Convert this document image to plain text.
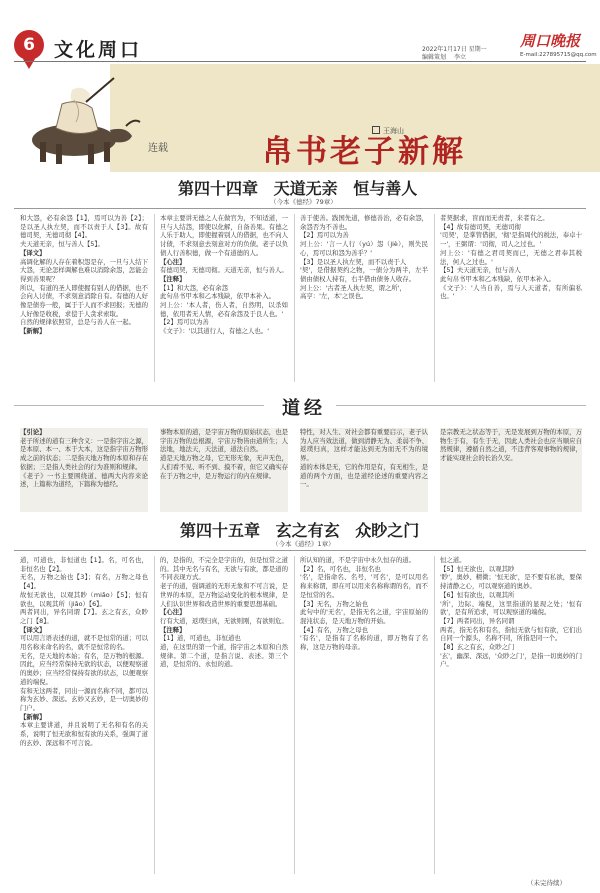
6	文化周口	2022年1月17日 星期一
编辑策划 李立
周口晚报
E-mail:227895715@qq.com
连载	帛书老子新解
王海山
第四十四章 天道无亲 恒与善人
（今本《德经》79章）

和大怨，必有余怨【1】，焉可以为善【2】；是以圣人执左契，而不以责于人【3】。故有德司契，无德司彻【4】。

夫天道无亲，恒与善人【5】。

【译文】

高调化解的人存在着积怨是存，一旦与人结下大怨，无论怎样调解也难以消除余怨，怎能会得到善果呢？

所以，有道的圣人即使握有别人的借据，也不会向人讨债，不求刻意消除自有。有德的人好像是债券一般，属于于人而不求回报；无德的人好像是收税，求偿于人贪求索取。

自然的规律依照常，总是与善人在一起。

【新解】

本章主要讲无德之人在做官为，不知适道，一旦与人结怨，即使以化解，自备善果。有德之人乐于助人，即使握着别人的借据，也不向人讨债，不求刻意去刻意对方的负债。老子以负债人行善积德，做一个有道德的人。

【心注】

有德司契，无德司彻。天道无亲，恒与善人。

【注释】

【1】和大怨，必有余怨

此句帛书甲本和乙本残缺，依甲本补入。

河上公：'本人者，伤人者，自然明，以杀如德，依用者无人情，必有余怨及于良人也。'

【2】焉可以为善

《文子》：'以其道行人，有德之人也。'

善于使善。践国先道，修德善治，必有余怨，余怨否为不善也。

【2】焉可以为善

河上公：'言一人行（yú）怨（jiè），则失民心，焉可以和怨为善乎？'

【3】是以圣人执左契，而不以责于人

'契'，是借据契约之物，一债分为两半，左半债由债权人持有，右半借由债务人收存。

河上公：'古者圣人执左契，谓之所'，

高亨：'左，本'之误也。

者契据求，盲而而无责者，来者有之。

【4】故有德司契，无德司彻

'司契'，是掌管借据，'彻'是指周代的税法，奉卓十一'，王弼谓：'司彻，司人之过也。'

河上公：'有德之君司契而已，无德之君奉其税法，何人之过也。'

【5】夫天道无亲，恒与善人

此句帛书甲本和乙本残缺，依甲本补入。

《文子》：'人当自善，焉与人天道者，有所偏私也。'

道经

【引论】

老子所述的道有三种含义：一是指宇宙之源，是本原、本一、本于大本，这是指宇宙万物形成之前的状态；二是指天地万物的本原和存在依据；三是指人类社会的行为准则和规律。

《老子》一书主要围绕道、德两大内容来论述，上篇称为道经，下篇称为德经。

事物本原的道，是宇宙万物的原始状态，也是宇宙万物的总根源，宇宙万物皆由道所生；人法地，地法天，天法道，道法自然。

道是天地万物之母，它无形无象，无声无色，人们看不见、听不到、摸不着，但它又确实存在于万物之中，是万物运行的内在规律。

特性，对人生、对社会都有重要启示，老子认为人应当效法道，做到清静无为、柔弱不争、返璞归真，这样才能达到无为而无不为的境界。

道的本体是无，它的作用是有，有无相生，是道的两个方面，也是道经论述的重要内容之一。

是宗教无之状态等于，无是发展到万物的本原，万物生于有，有生于无，因此人类社会也应当顺应自然规律，遵循自然之道，不违背客观事物的规律，才能实现社会的长治久安。

第四十五章 玄之有玄 众眇之门
（今本《道经》1章）

道，可道也，非恒道也【1】。名，可名也，非恒名也【2】。

无名，万物之始也【3】；有名，万物之母也【4】。

故恒无欲也，以观其眇（miǎo）【5】；恒有欲也，以观其所（jiǎo）【6】。

两者同出，异名同谓【7】。玄之有玄，众眇之门【8】。

【译文】

可以用言语表述的道，就不是恒常的道；可以用名称来命名的名，就不是恒常的名。

无名，是天地的本始；有名，是万物的根源。

因此，应当经常保持无欲的状态，以便观察道的奥妙；应当经常保持有欲的状态，以便观察道的端倪。

有和无这两者，同出一源而名称不同，都可以称为玄妙、深远。玄妙又玄妙，是一切奥妙的门户。

【新解】

本章主要讲道，并且说明了无名和有名的关系，说明了恒无欲和恒有欲的关系，强调了道的玄妙、深远和不可言说。

的，是指的，不完全是宇宙的，但是恒常之道的。其中无名与有名，无欲与有欲，都是道的不同表现方式。

老子的道，强调道的无形无象和不可言说，是世界的本原，是万物运动变化的根本规律，是人们认识世界和改造世界的重要思想基础。

【心注】

行有大道，返璞归真，无欲则刚，有欲则危。

【注释】

【1】道，可道也，非恒道也

道，在这里的第一个道，指宇宙之本原和自然规律。第二个道，是指言说、表述。第三个道，是恒常的、永恒的道。

所认知的道，不是宇宙中永久恒存的道。

【2】名，可名也，非恒名也

'名'，是指命名、名号，'可名'，是可以用名称来称谓，即在可以用来名称称谓的名，而不是恒常的名。

【3】无名，万物之始也

此句中的'无名'，是指无名之道，宇宙原始的混沌状态，是天地万物的开始。

【4】有名，万物之母也

'有名'，是指有了名称的道，即万物有了名称，这是万物的母亲。

恒之道。

【5】恒无欲也，以观其眇

'眇'，奥妙、精微；'恒无欲'，是不要有私欲，要保持清静之心，可以观察道的奥妙。

【6】恒有欲也，以观其所

'所'，边际、端倪，这里指道的显现之处；'恒有欲'，是有所追求，可以观察道的端倪。

【7】两者同出，异名同谓

两者，指无名和有名，指恒无欲与恒有欲，它们出自同一个源头，名称不同，所指是同一个。

【8】玄之有玄，众眇之门

'玄'，幽深、深远，'众眇之门'，是指一切奥妙的门户。

（未完待续）
